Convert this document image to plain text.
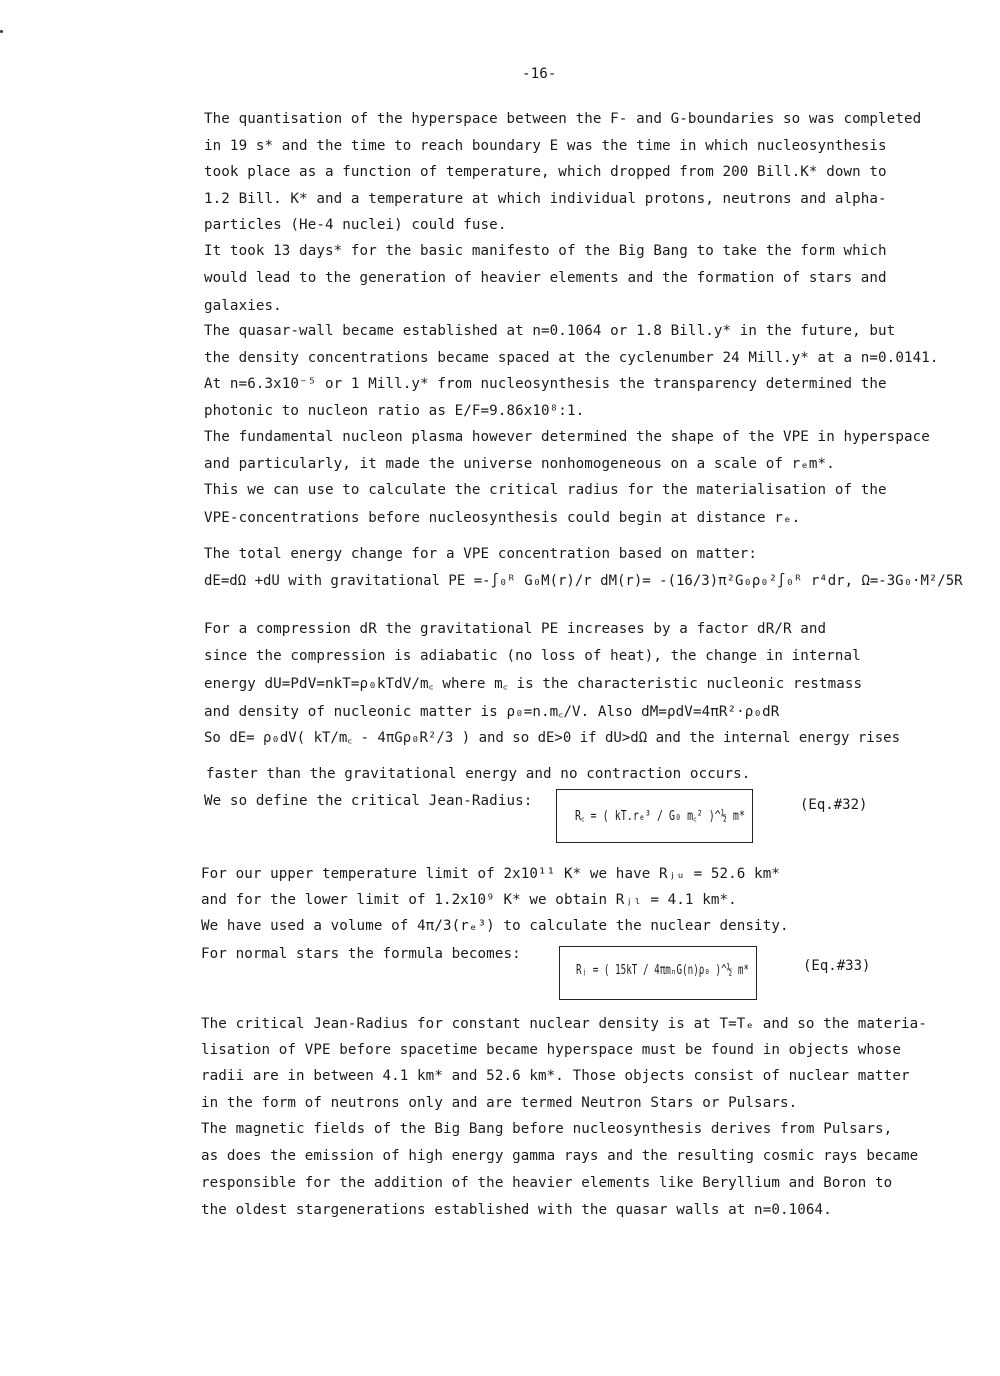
-16-
The quantisation of the hyperspace between the F- and G-boundaries so was completed
in 19 s* and the time to reach boundary E was the time in which nucleosynthesis
took place as a function of temperature, which dropped from 200 Bill.K* down to
1.2 Bill. K* and a temperature at which individual protons, neutrons and alpha-
particles (He-4 nuclei) could fuse.
It took 13 days* for the basic manifesto of the Big Bang to take the form which
would lead to the generation of heavier elements and the formation of stars and
galaxies.
The quasar-wall became established at n=0.1064 or 1.8 Bill.y* in the future, but
the density concentrations became spaced at the cyclenumber 24 Mill.y* at a n=0.0141.
At n=6.3x10⁻⁵ or 1 Mill.y* from nucleosynthesis the transparency determined the
photonic to nucleon ratio as E/F=9.86x10⁸:1.
The fundamental nucleon plasma however determined the shape of the VPE in hyperspace
and particularly, it made the universe nonhomogeneous on a scale of rₑm*.
This we can use to calculate the critical radius for the materialisation of the
VPE-concentrations before nucleosynthesis could begin at distance rₑ.
The total energy change for a VPE concentration based on matter:
dE=dΩ +dU with gravitational PE =-∫₀ᴿ G₀M(r)/r dM(r)= -(16/3)π²G₀ρ₀²∫₀ᴿ r⁴dr, Ω=-3G₀·M²/5R
For a compression dR the gravitational PE increases by a factor dR/R and
since the compression is adiabatic (no loss of heat), the change in internal
energy dU=PdV=nkT=ρ₀kTdV/m꜀ where m꜀ is the characteristic nucleonic restmass
and density of nucleonic matter is ρ₀=n.m꜀/V. Also dM=ρdV=4πR²·ρ₀dR
So dE= ρ₀dV( kT/m꜀ - 4πGρ₀R²/3 ) and so dE>0 if dU>dΩ and the internal energy rises
faster than the gravitational energy and no contraction occurs.
We so define the critical Jean-Radius:
R꜀ = ( kT.rₑ³ / G₀ m꜀² )^½ m*
(Eq.#32)
For our upper temperature limit of 2x10¹¹ K* we have Rⱼᵤ = 52.6 km*
and for the lower limit of 1.2x10⁹ K* we obtain Rⱼₗ = 4.1 km*.
We have used a volume of 4π/3(rₑ³) to calculate the nuclear density.
For normal stars the formula becomes:
Rⱼ = ( 15kT / 4πmₙG(n)ρ₀ )^½ m*	(Eq.#33)
The critical Jean-Radius for constant nuclear density is at T=Tₑ and so the materia-
lisation of VPE before spacetime became hyperspace must be found in objects whose
radii are in between 4.1 km* and 52.6 km*. Those objects consist of nuclear matter
in the form of neutrons only and are termed Neutron Stars or Pulsars.
The magnetic fields of the Big Bang before nucleosynthesis derives from Pulsars,
as does the emission of high energy gamma rays and the resulting cosmic rays became
responsible for the addition of the heavier elements like Beryllium and Boron to
the oldest stargenerations established with the quasar walls at n=0.1064.
